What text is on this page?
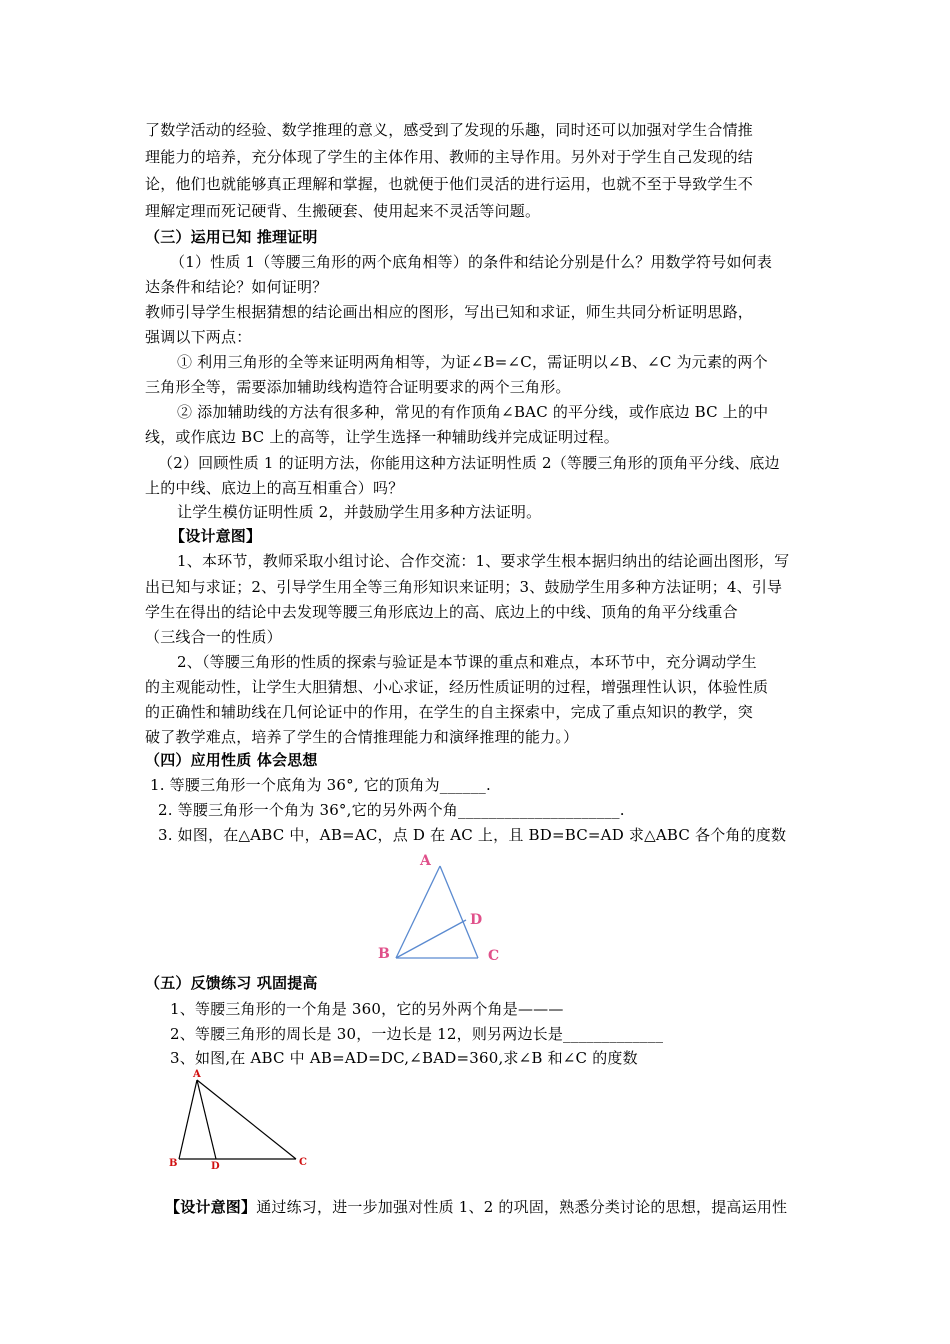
了数学活动的经验、数学推理的意义，感受到了发现的乐趣，同时还可以加强对学生合情推
理能力的培养，充分体现了学生的主体作用、教师的主导作用。另外对于学生自己发现的结
论，他们也就能够真正理解和掌握，也就便于他们灵活的进行运用，也就不至于导致学生不
理解定理而死记硬背、生搬硬套、使用起来不灵活等问题。
（三）运用已知 推理证明
（1）性质 1（等腰三角形的两个底角相等）的条件和结论分别是什么？用数学符号如何表
达条件和结论？如何证明？
教师引导学生根据猜想的结论画出相应的图形，写出已知和求证，师生共同分析证明思路，
强调以下两点：
① 利用三角形的全等来证明两角相等，为证∠B=∠C，需证明以∠B、∠C 为元素的两个
三角形全等，需要添加辅助线构造符合证明要求的两个三角形。
② 添加辅助线的方法有很多种，常见的有作顶角∠BAC 的平分线，或作底边 BC 上的中
线，或作底边 BC 上的高等，让学生选择一种辅助线并完成证明过程。
（2）回顾性质 1 的证明方法，你能用这种方法证明性质 2（等腰三角形的顶角平分线、底边
上的中线、底边上的高互相重合）吗？
让学生模仿证明性质 2，并鼓励学生用多种方法证明。
【设计意图】
1、本环节，教师采取小组讨论、合作交流：1、要求学生根本据归纳出的结论画出图形，写
出已知与求证；2、引导学生用全等三角形知识来证明；3、鼓励学生用多种方法证明；4、引导
学生在得出的结论中去发现等腰三角形底边上的高、底边上的中线、顶角的角平分线重合
（三线合一的性质）
2、（等腰三角形的性质的探索与验证是本节课的重点和难点，本环节中，充分调动学生
的主观能动性，让学生大胆猜想、小心求证，经历性质证明的过程，增强理性认识，体验性质
的正确性和辅助线在几何论证中的作用，在学生的自主探索中，完成了重点知识的教学，突
破了教学难点，培养了学生的合情推理能力和演绎推理的能力。）
（四）应用性质 体会思想
1. 等腰三角形一个底角为 36°, 它的顶角为______.
2. 等腰三角形一个角为 36°,它的另外两个角_____________________.
3. 如图，在△ABC 中，AB=AC，点 D 在 AC 上，且 BD=BC=AD 求△ABC 各个角的度数
A
B	C
D
（五）反馈练习 巩固提高
1、等腰三角形的一个角是 360，它的另外两个角是———
2、等腰三角形的周长是 30，一边长是 12，则另两边长是_____________
3、如图,在 ABC 中 AB=AD=DC,∠BAD=360,求∠B 和∠C 的度数
A
B	C
D
【设计意图】通过练习，进一步加强对性质 1、2 的巩固，熟悉分类讨论的思想，提高运用性
